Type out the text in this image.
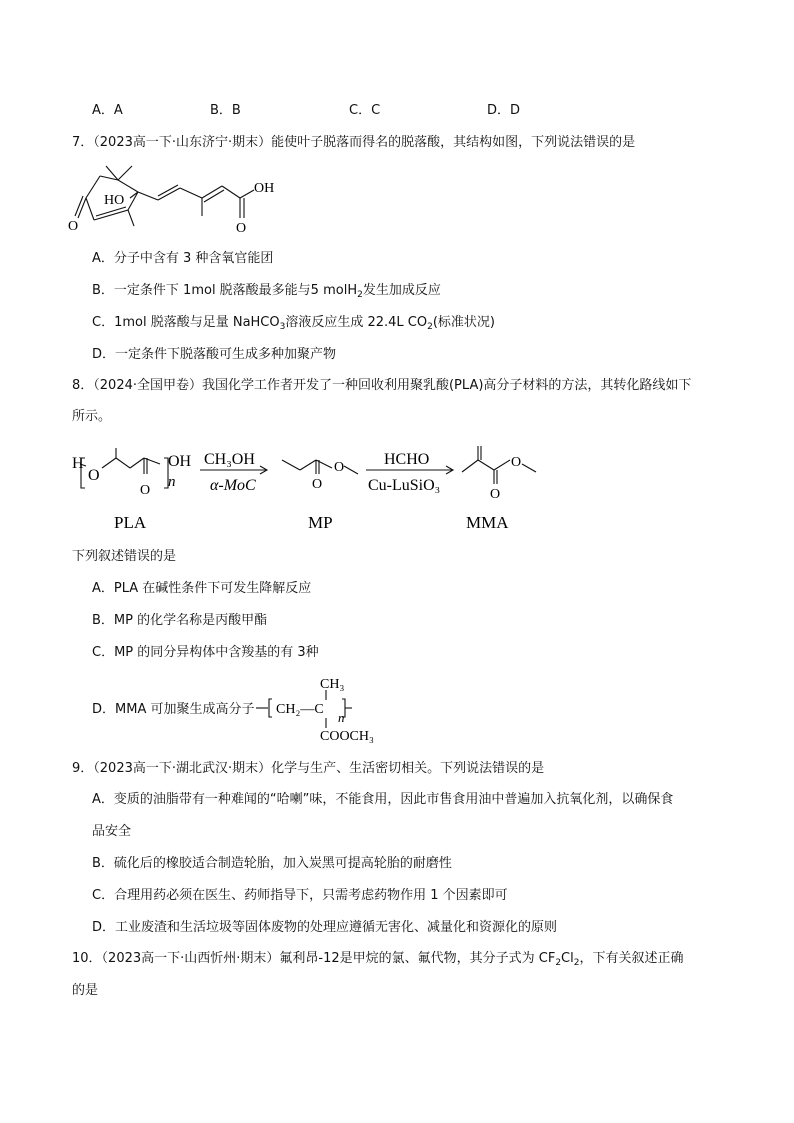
A．A	B．B	C．C	D．D
7．（2023高一下·山东济宁·期末）能使叶子脱落而得名的脱落酸，其结构如图，下列说法错误的是
O
HO
O
OH
A．分子中含有 3 种含氧官能团
B．一定条件下 1mol 脱落酸最多能与5 molH$_2$发生加成反应
C．1mol 脱落酸与足量 NaHCO$_3$溶液反应生成 22.4L $CO_2$(标准状况)
D．一定条件下脱落酸可生成多种加聚产物
8．（2024·全国甲卷）我国化学工作者开发了一种回收利用聚乳酸(PLA)高分子材料的方法，其转化路线如下
所示。
H
O
O
OH
n
CH₃OH
α-MoC
O
O
HCHO
Cu-LuSiO₃
O
O
PLA	MP	MMA
下列叙述错误的是
A．PLA 在碱性条件下可发生降解反应
B．MP 的化学名称是丙酸甲酯
C．MP 的同分异构体中含羧基的有 3种
D．MMA 可加聚生成高分子
CH₃
CH₂—C
n
COOCH₃
9．（2023高一下·湖北武汉·期末）化学与生产、生活密切相关。下列说法错误的是
A．变质的油脂带有一种难闻的“哈喇”味，不能食用，因此市售食用油中普遍加入抗氧化剂，以确保食
品安全
B．硫化后的橡胶适合制造轮胎，加入炭黑可提高轮胎的耐磨性
C．合理用药必须在医生、药师指导下，只需考虑药物作用 1 个因素即可
D．工业废渣和生活垃圾等固体废物的处理应遵循无害化、减量化和资源化的原则
10．（2023高一下·山西忻州·期末）氟利昂-12是甲烷的氯、氟代物，其分子式为 $CF_2Cl_2$，下有关叙述正确
的是
